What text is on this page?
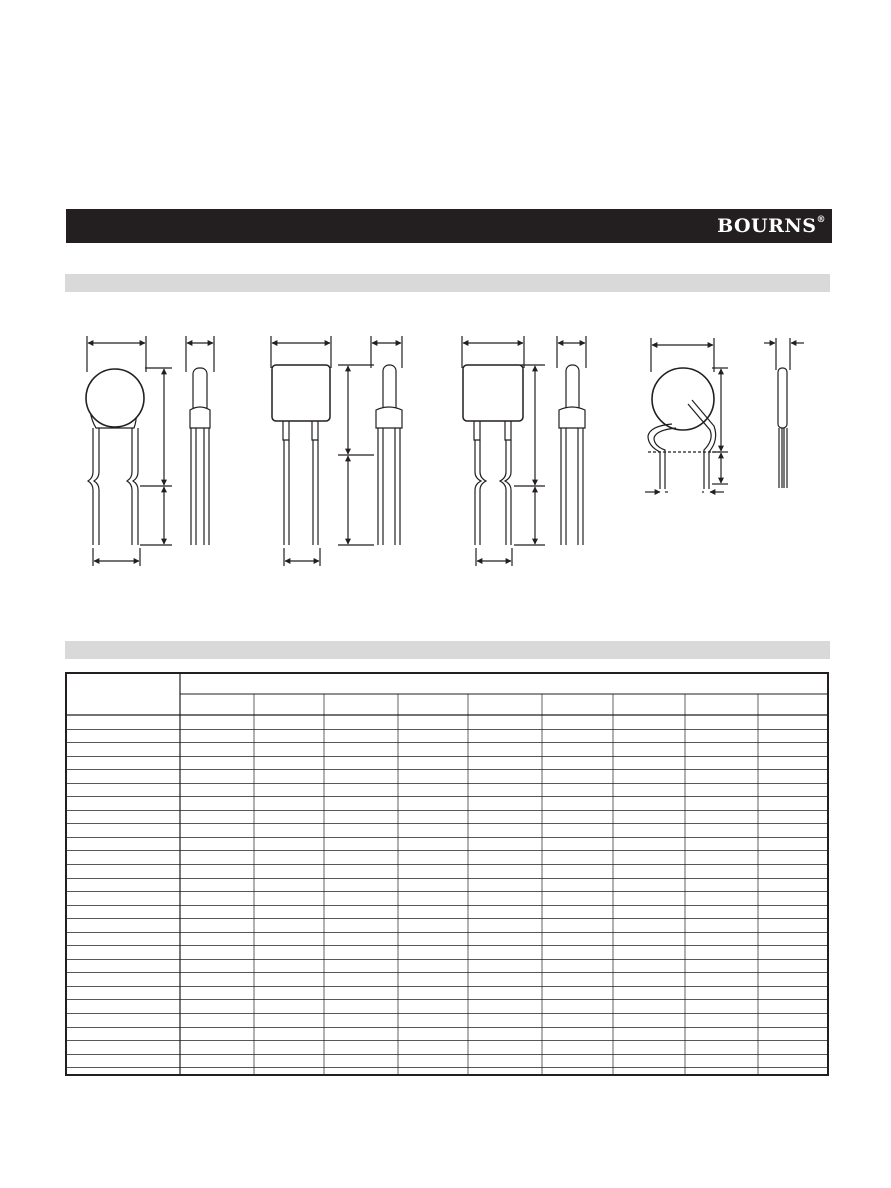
BOURNS®
